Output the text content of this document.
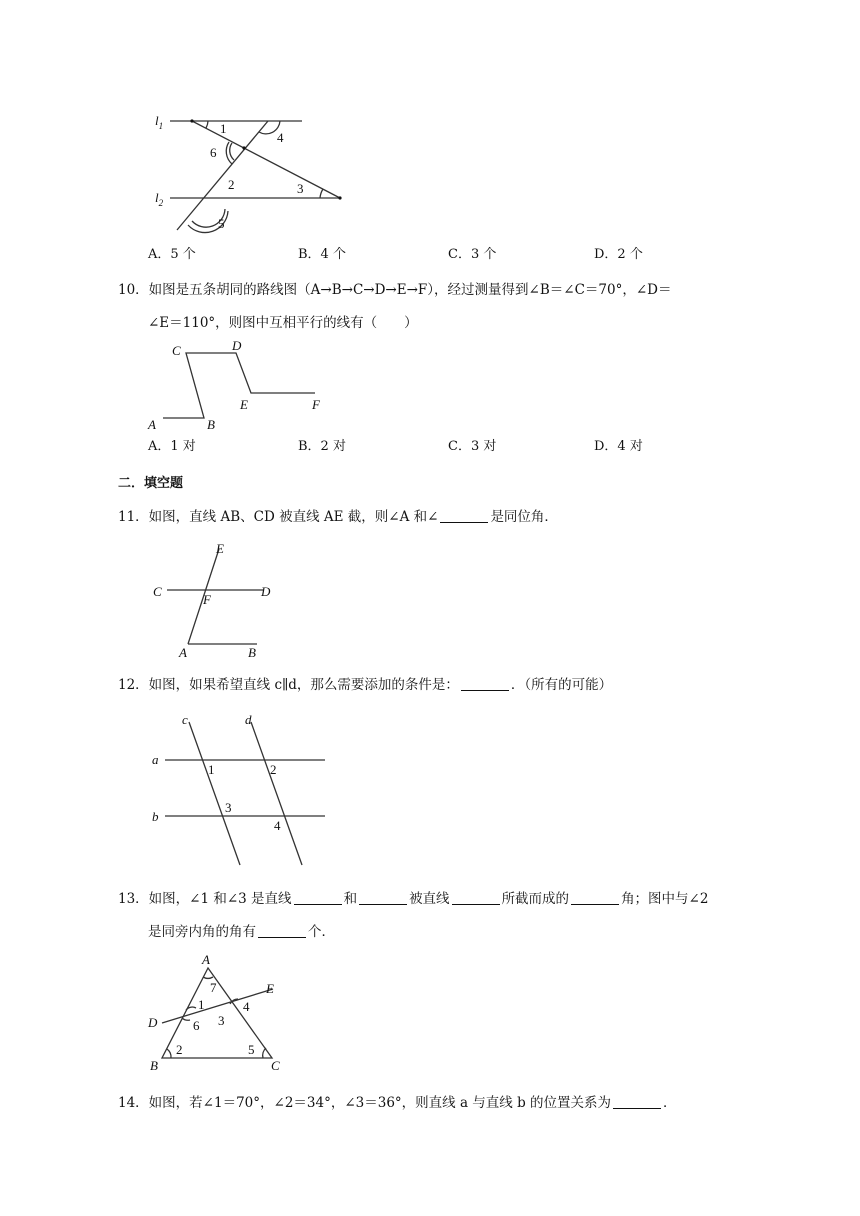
$l_1$
$l_2$
1
4
6
2	3
5
A．5 个	B．4 个	C．3 个	D．2 个
10．如图是五条胡同的路线图（A→B→C→D→E→F），经过测量得到∠B＝∠C＝70°，∠D＝
∠E＝110°，则图中互相平行的线有（　　）
A	B
C	D
E	F
A．1 对	B．2 对	C．3 对	D．4 对
二．填空题
11．如图，直线 AB、CD 被直线 AE 截，则∠A 和∠	是同位角．
E
C
F
D
A	B
12．如图，如果希望直线 c∥d，那么需要添加的条件是：	．（所有的可能）
c	d
a
b
1	2
3
4
13．如图，∠1 和∠3 是直线	和	被直线	所截而成的	角；图中与∠2
是同旁内角的角有	个．
A
B	C
D
E
7
1
6 3
4
2	5
14．如图，若∠1＝70°，∠2＝34°，∠3＝36°，则直线 a 与直线 b 的位置关系为	．
